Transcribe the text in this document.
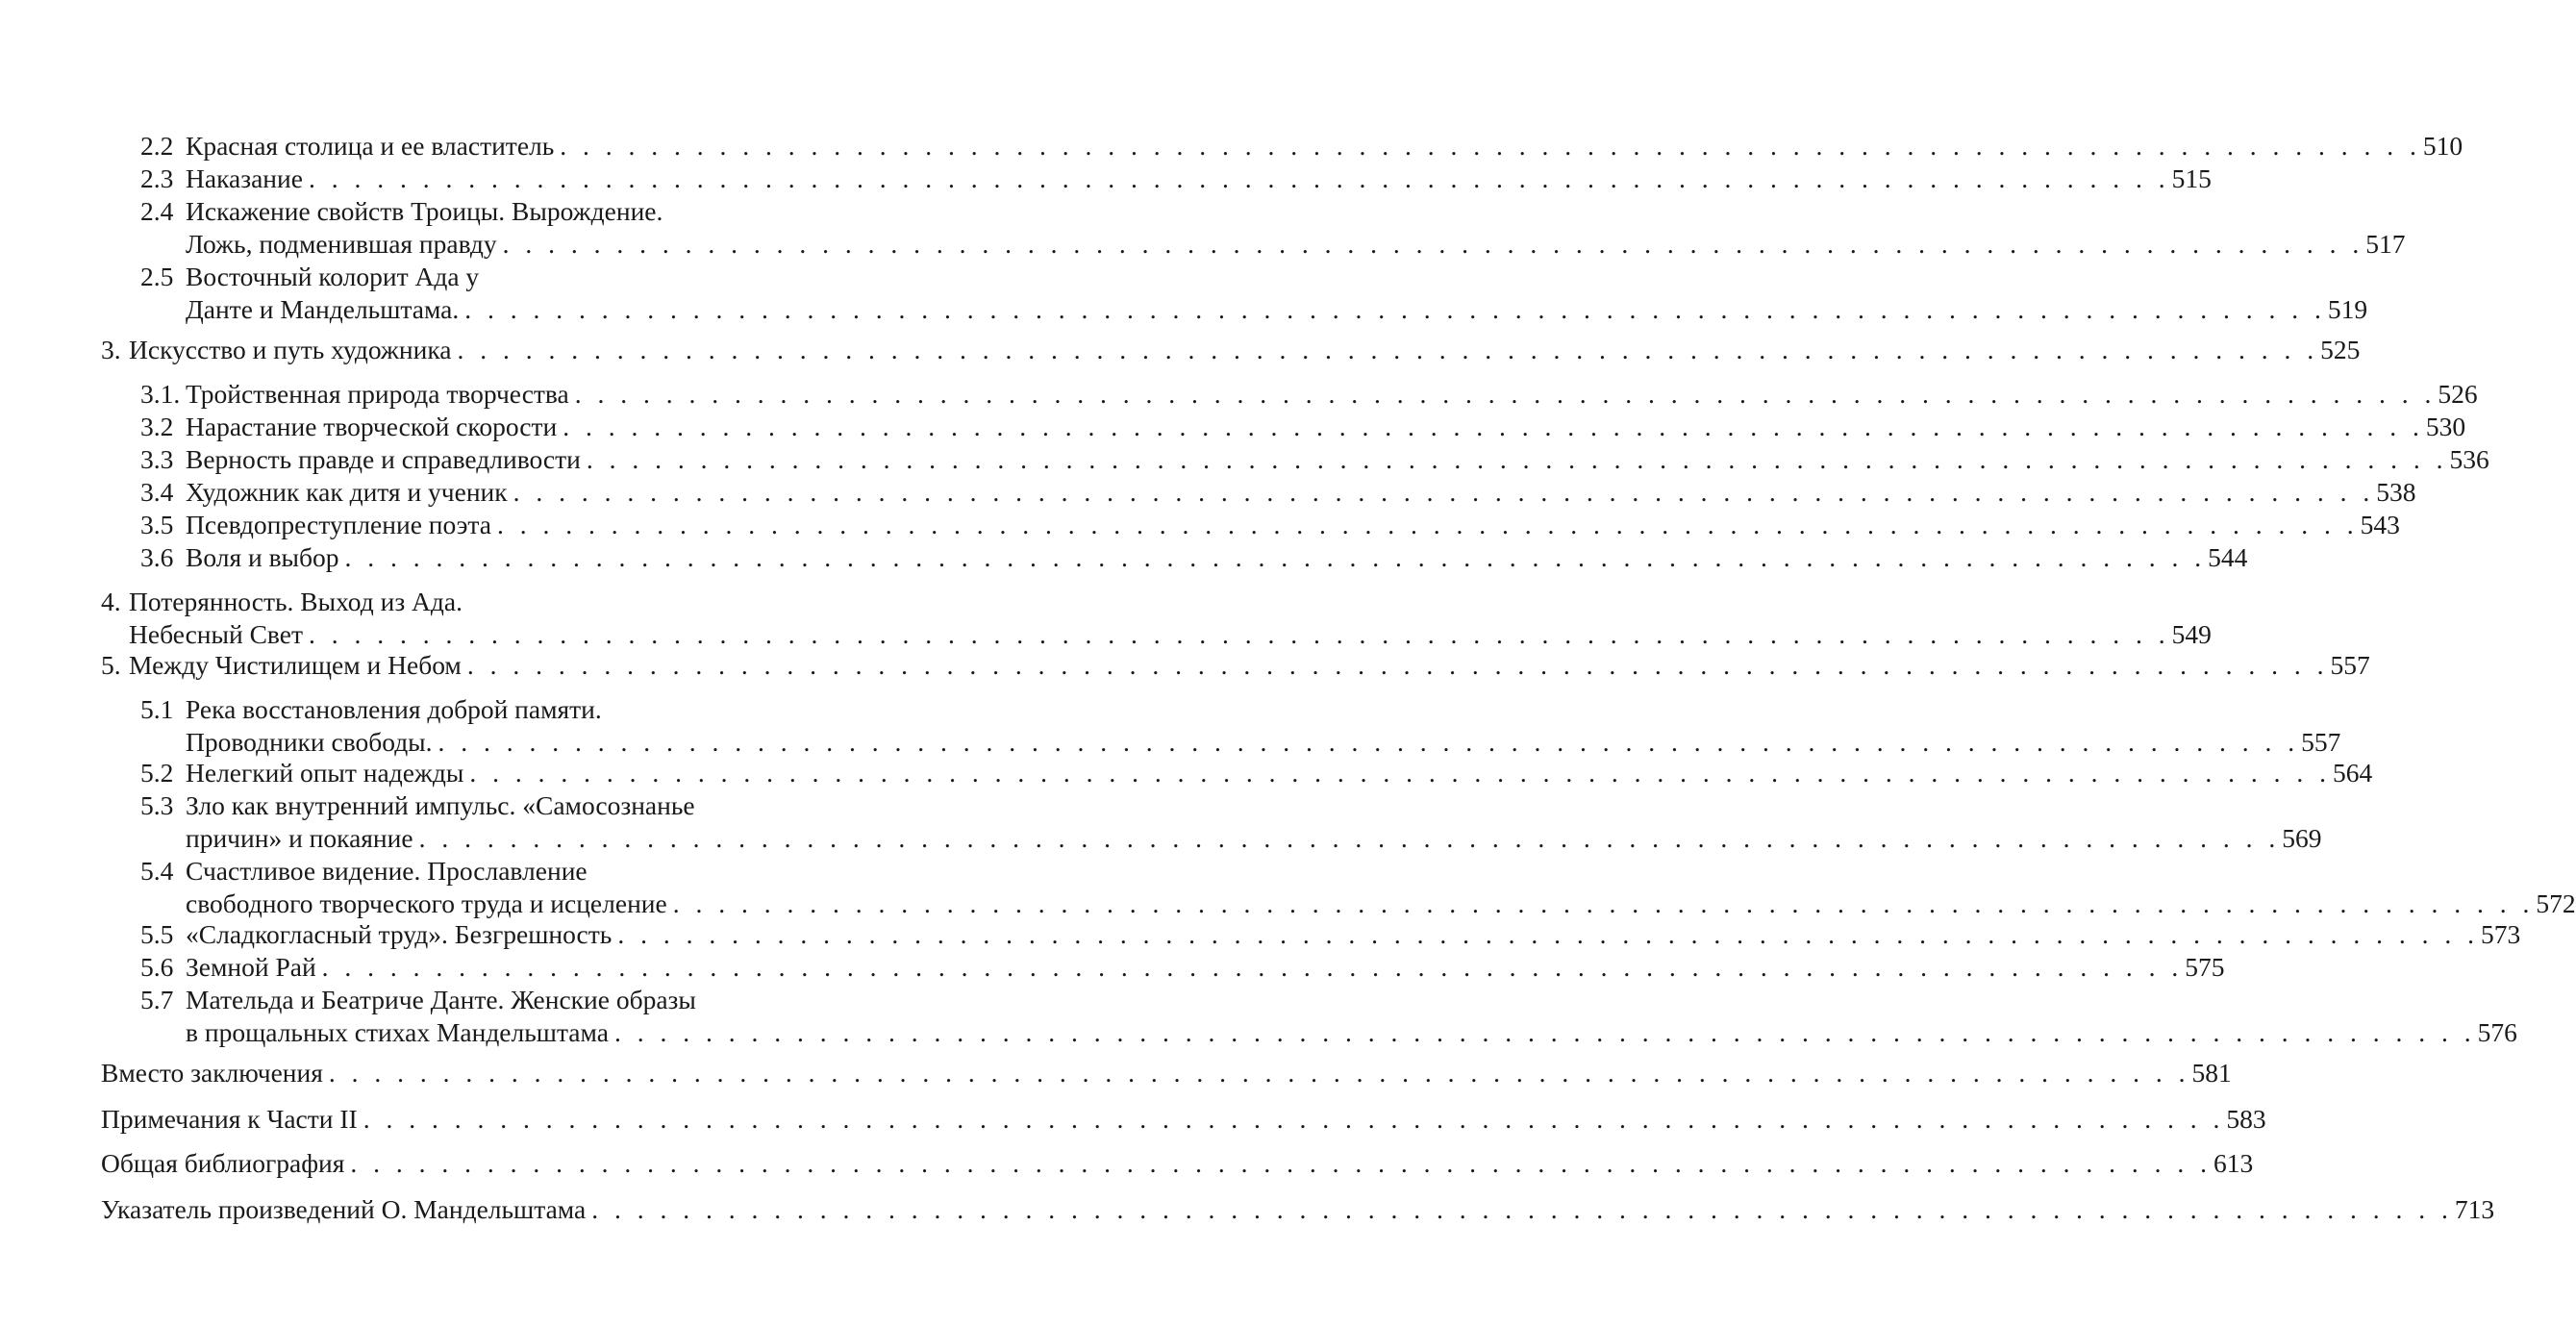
2.2 Красная столица и ее властитель . . . . . . . . . . . . . . . . . . . . . . . . . . . . . . . . . . . . . . . . . . . . . . . . . . . . . . . . . . . . . . . . . . . . . . . . . . . . . . . . . . 510
2.3 Наказание . . . . . . . . . . . . . . . . . . . . . . . . . . . . . . . . . . . . . . . . . . . . . . . . . . . . . . . . . . . . . . . . . . . . . . . . . . . . . . . . . . 515
2.4 Искажение свойств Троицы. Вырождение.
Ложь, подменившая правду . . . . . . . . . . . . . . . . . . . . . . . . . . . . . . . . . . . . . . . . . . . . . . . . . . . . . . . . . . . . . . . . . . . . . . . . . . . . . . . . . . 517
2.5 Восточный колорит Ада у
Данте и Мандельштама. . . . . . . . . . . . . . . . . . . . . . . . . . . . . . . . . . . . . . . . . . . . . . . . . . . . . . . . . . . . . . . . . . . . . . . . . . . . . . . . . . . 519
3. Искусство и путь художника . . . . . . . . . . . . . . . . . . . . . . . . . . . . . . . . . . . . . . . . . . . . . . . . . . . . . . . . . . . . . . . . . . . . . . . . . . . . . . . . . . 525
3.1. Тройственная природа творчества . . . . . . . . . . . . . . . . . . . . . . . . . . . . . . . . . . . . . . . . . . . . . . . . . . . . . . . . . . . . . . . . . . . . . . . . . . . . . . . . . . 526
3.2 Нарастание творческой скорости . . . . . . . . . . . . . . . . . . . . . . . . . . . . . . . . . . . . . . . . . . . . . . . . . . . . . . . . . . . . . . . . . . . . . . . . . . . . . . . . . . 530
3.3 Верность правде и справедливости . . . . . . . . . . . . . . . . . . . . . . . . . . . . . . . . . . . . . . . . . . . . . . . . . . . . . . . . . . . . . . . . . . . . . . . . . . . . . . . . . . 536
3.4 Художник как дитя и ученик . . . . . . . . . . . . . . . . . . . . . . . . . . . . . . . . . . . . . . . . . . . . . . . . . . . . . . . . . . . . . . . . . . . . . . . . . . . . . . . . . . 538
3.5 Псевдопреступление поэта . . . . . . . . . . . . . . . . . . . . . . . . . . . . . . . . . . . . . . . . . . . . . . . . . . . . . . . . . . . . . . . . . . . . . . . . . . . . . . . . . . 543
3.6 Воля и выбор . . . . . . . . . . . . . . . . . . . . . . . . . . . . . . . . . . . . . . . . . . . . . . . . . . . . . . . . . . . . . . . . . . . . . . . . . . . . . . . . . . 544
4. Потерянность. Выход из Ада.
Небесный Свет . . . . . . . . . . . . . . . . . . . . . . . . . . . . . . . . . . . . . . . . . . . . . . . . . . . . . . . . . . . . . . . . . . . . . . . . . . . . . . . . . . 549
5. Между Чистилищем и Небом . . . . . . . . . . . . . . . . . . . . . . . . . . . . . . . . . . . . . . . . . . . . . . . . . . . . . . . . . . . . . . . . . . . . . . . . . . . . . . . . . . 557
5.1 Река восстановления доброй памяти.
Проводники свободы. . . . . . . . . . . . . . . . . . . . . . . . . . . . . . . . . . . . . . . . . . . . . . . . . . . . . . . . . . . . . . . . . . . . . . . . . . . . . . . . . . . 557
5.2 Нелегкий опыт надежды . . . . . . . . . . . . . . . . . . . . . . . . . . . . . . . . . . . . . . . . . . . . . . . . . . . . . . . . . . . . . . . . . . . . . . . . . . . . . . . . . . 564
5.3 Зло как внутренний импульс. «Самосознанье
причин» и покаяние . . . . . . . . . . . . . . . . . . . . . . . . . . . . . . . . . . . . . . . . . . . . . . . . . . . . . . . . . . . . . . . . . . . . . . . . . . . . . . . . . . 569
5.4 Счастливое видение. Прославление
свободного творческого труда и исцеление . . . . . . . . . . . . . . . . . . . . . . . . . . . . . . . . . . . . . . . . . . . . . . . . . . . . . . . . . . . . . . . . . . . . . . . . . . . . . . . . . . 572
5.5 «Сладкогласный труд». Безгрешность . . . . . . . . . . . . . . . . . . . . . . . . . . . . . . . . . . . . . . . . . . . . . . . . . . . . . . . . . . . . . . . . . . . . . . . . . . . . . . . . . . 573
5.6 Земной Рай . . . . . . . . . . . . . . . . . . . . . . . . . . . . . . . . . . . . . . . . . . . . . . . . . . . . . . . . . . . . . . . . . . . . . . . . . . . . . . . . . . 575
5.7 Мательда и Беатриче Данте. Женские образы
в прощальных стихах Мандельштама . . . . . . . . . . . . . . . . . . . . . . . . . . . . . . . . . . . . . . . . . . . . . . . . . . . . . . . . . . . . . . . . . . . . . . . . . . . . . . . . . . 576
Вместо заключения . . . . . . . . . . . . . . . . . . . . . . . . . . . . . . . . . . . . . . . . . . . . . . . . . . . . . . . . . . . . . . . . . . . . . . . . . . . . . . . . . . 581
Примечания к Части II . . . . . . . . . . . . . . . . . . . . . . . . . . . . . . . . . . . . . . . . . . . . . . . . . . . . . . . . . . . . . . . . . . . . . . . . . . . . . . . . . . 583
Общая библиография . . . . . . . . . . . . . . . . . . . . . . . . . . . . . . . . . . . . . . . . . . . . . . . . . . . . . . . . . . . . . . . . . . . . . . . . . . . . . . . . . . 613
Указатель произведений О. Мандельштама . . . . . . . . . . . . . . . . . . . . . . . . . . . . . . . . . . . . . . . . . . . . . . . . . . . . . . . . . . . . . . . . . . . . . . . . . . . . . . . . . . 713
